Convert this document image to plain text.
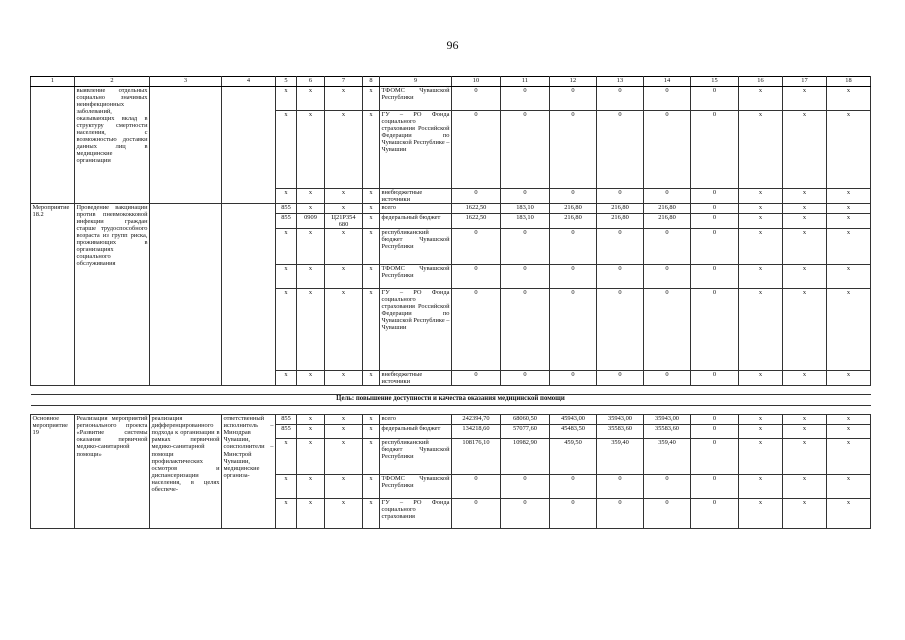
96
1	2	3	4	5	6	7	8	9	10	11	12	13	14	15	16	17	18
	выявление отдельных социально значимых неинфекционных заболеваний, оказывающих вклад в структуру смертности населения, с возможностью доставки данных лиц в медицинские организации			x	x	x	x	ТФОМС Чувашской Республики	0	0	0	0	0	0	x	x	x
				x	x	x	x	ГУ – РО Фонда социального страхования Российской Федерации по Чувашской Республике – Чувашии	0	0	0	0	0	0	x	x	x
				x	x	x	x	внебюджетные источники	0	0	0	0	0	0	x	x	x
Мероприятие 18.2	Проведение вакцинации против пневмококковой инфекции граждан старше трудоспособного возраста из групп риска, проживающих в организациях социального обслуживания			855	x	x	x	всего	1622,50	183,10	216,80	216,80	216,80	0	x	x	x
				855	0909	Ц21Р354 680	x	федеральный бюджет	1622,50	183,10	216,80	216,80	216,80	0	x	x	x
				x	x	x	x	республиканский бюджет Чувашской Республики	0	0	0	0	0	0	x	x	x
				x	x	x	x	ТФОМС Чувашской Республики	0	0	0	0	0	0	x	x	x
				x	x	x	x	ГУ – РО Фонда социального страхования Российской Федерации по Чувашской Республике – Чувашии	0	0	0	0	0	0	x	x	x
				x	x	x	x	внебюджетные источники	0	0	0	0	0	0	x	x	x

Цель: повышение доступности и качества оказания медицинской помощи																	

Основное мероприятие 19	Реализация мероприятий регионального проекта «Развитие системы оказания первичной медико-санитарной помощи»	реализация дифференцированного подхода к организации в рамках первичной медико-санитарной помощи профилактических осмотров и диспансеризации населения, в целях обеспече-	ответственный исполнитель – Минздрав Чувашии, соисполнители – Минстрой Чувашии, медицинские организа-	855	x	x	x	всего	242394,70	68060,50	45943,00	35943,00	35943,00	0	x	x	x
				855	x	x	x	федеральный бюджет	134218,60	57077,60	45483,50	35583,60	35583,60	0	x	x	x
				x	x	x	x	республиканский бюджет Чувашской Республики	108176,10	10982,90	459,50	359,40	359,40	0	x	x	x
				x	x	x	x	ТФОМС Чувашской Республики	0	0	0	0	0	0	x	x	x
				x	x	x	x	ГУ – РО Фонда социального страхования	0	0	0	0	0	0	x	x	x
